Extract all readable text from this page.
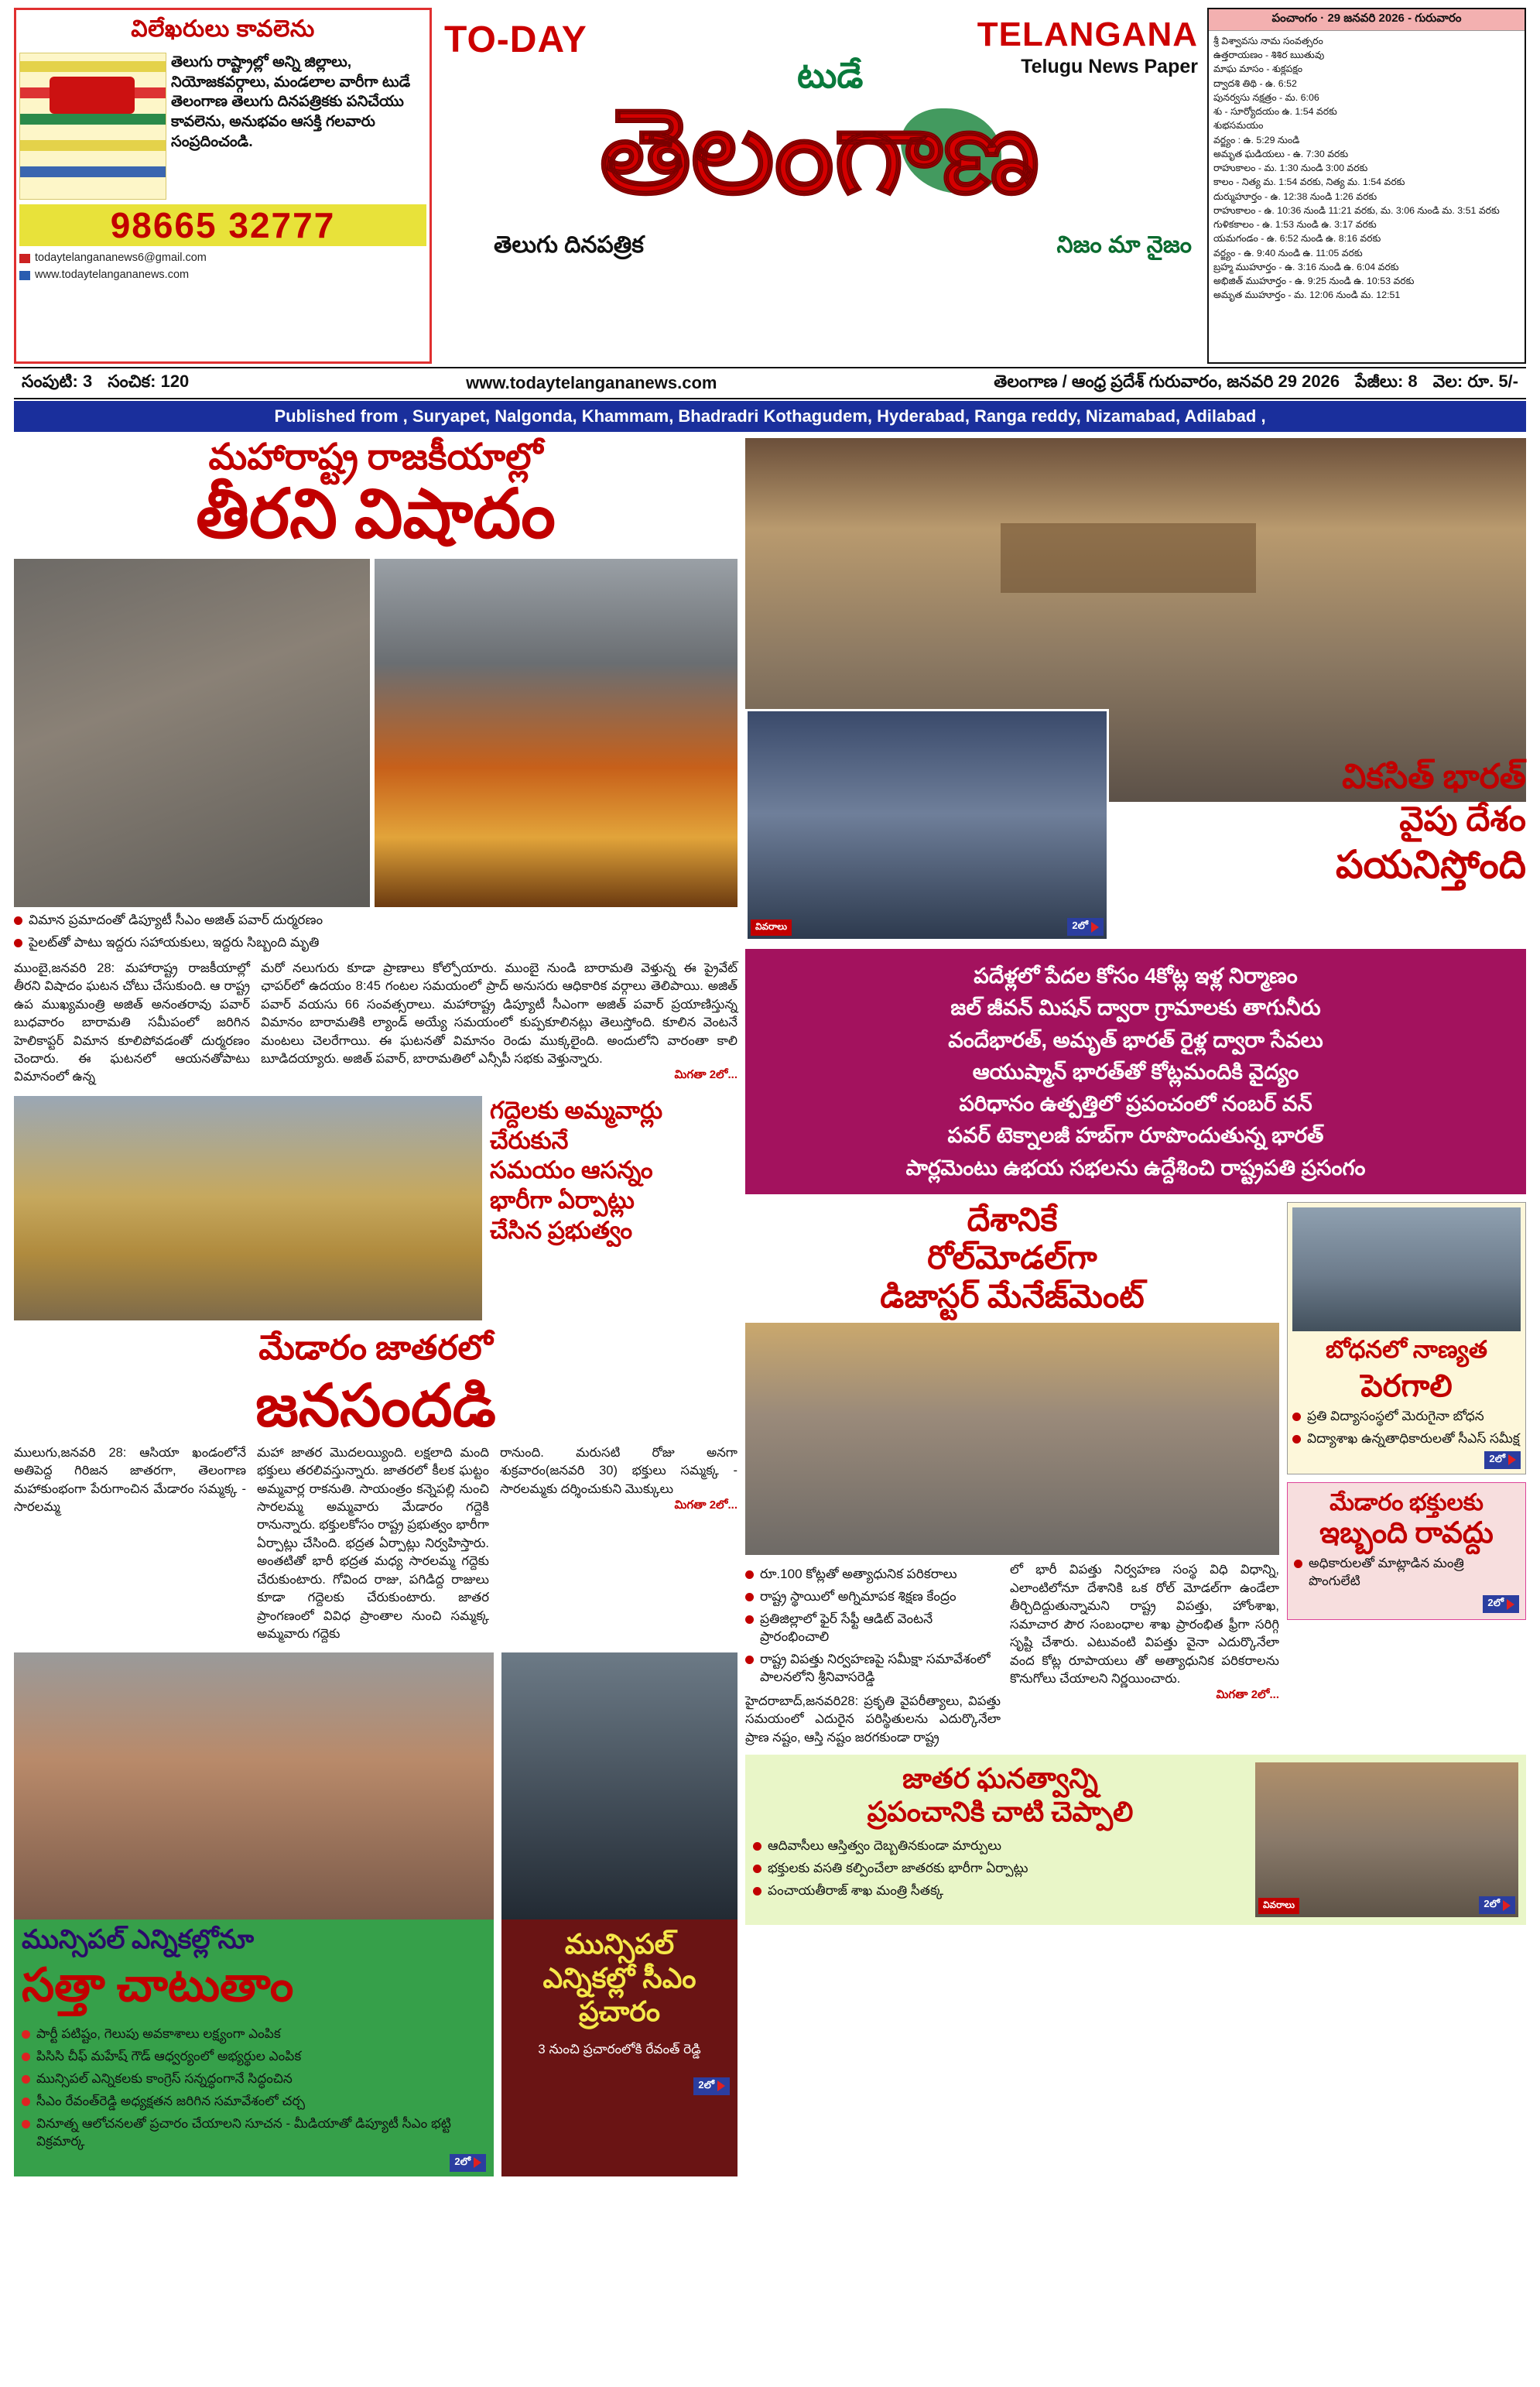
విలేఖరులు కావలెను
తెలుగు రాష్ట్రాల్లో అన్ని జిల్లాలు, నియోజకవర్గాలు, మండలాల వారీగా టుడే తెలంగాణ తెలుగు దినపత్రికకు పనిచేయు కావలెను, అనుభవం ఆసక్తి గలవారు సంప్రదించండి.
98665 32777
todaytelangananews6@gmail.com
www.todaytelangananews.com
TO-DAY	TELANGANA
Telugu News Paper
టుడే
తెలంగాణ
తెలుగు దినపత్రిక	నిజం మా నైజం
పంచాంగం · 29 జనవరి 2026 - గురువారం
శ్రీ విశ్వావసు నామ సంవత్సరం
ఉత్తరాయణం - శిశిర ఋతువు
మాఘ మాసం - శుక్లపక్షం
ద్వాదశి తిథి - ఉ. 6:52
పునర్వసు నక్షత్రం - మ. 6:06
శు - సూర్యోదయం ఉ. 1:54 వరకు
శుభసమయం
వర్జ్యం : ఉ. 5:29 నుండి
అమృత ఘడియలు - ఉ. 7:30 వరకు
రాహుకాలం - మ. 1:30 నుండి 3:00 వరకు
కాలం - నిత్య మ. 1:54 వరకు, నిత్య మ. 1:54 వరకు
దుర్ముహూర్తం - ఉ. 12:38 నుండి 1:26 వరకు
రాహుకాలం - ఉ. 10:36 నుండి 11:21 వరకు, మ. 3:06 నుండి మ. 3:51 వరకు
గుళికకాలం - ఉ. 1:53 నుండి ఉ. 3:17 వరకు
యమగండం - ఉ. 6:52 నుండి ఉ. 8:16 వరకు
వర్జ్యం - ఉ. 9:40 నుండి ఉ. 11:05 వరకు
బ్రహ్మ ముహూర్తం - ఉ. 3:16 నుండి ఉ. 6:04 వరకు
అభిజిత్ ముహూర్తం - ఉ. 9:25 నుండి ఉ. 10:53 వరకు
అమృత ముహూర్తం - మ. 12:06 నుండి మ. 12:51
సంపుటి: 3 సంచిక: 120	www.todaytelangananews.com	తెలంగాణ / ఆంధ్ర ప్రదేశ్ గురువారం, జనవరి 29 2026 పేజీలు: 8 వెల: రూ. 5/-
Published from , Suryapet, Nalgonda, Khammam, Bhadradri Kothagudem, Hyderabad, Ranga reddy, Nizamabad, Adilabad ,
మహారాష్ట్ర రాజకీయాల్లో
తీరని విషాదం
విమాన ప్రమాదంతో డిప్యూటీ సీఎం అజిత్ పవార్ దుర్మరణం
పైలట్‌తో పాటు ఇద్దరు సహాయకులు, ఇద్దరు సిబ్బంది మృతి
ముంబై,జనవరి 28: మహారాష్ట్ర రాజకీయాల్లో తీరని విషాదం ఘటన చోటు చేసుకుంది. ఆ రాష్ట్ర ఉప ముఖ్యమంత్రి అజిత్ అనంతరావు పవార్ బుధవారం బారామతి సమీపంలో జరిగిన హెలికాప్టర్ విమాన కూలిపోవడంతో దుర్మరణం చెందారు. ఈ ఘటనలో ఆయనతోపాటు విమానంలో ఉన్న
మరో నలుగురు కూడా ప్రాణాలు కోల్పోయారు. ముంబై నుండి బారామతి వెళ్తున్న ఈ ప్రైవేట్ ఛాపర్‌లో ఉదయం 8:45 గంటల సమయంలో ప్రాద్ అనుసరు ఆధికారిక వర్గాలు తెలిపాయి. అజిత్ పవార్ వయసు 66 సంవత్సరాలు. మహారాష్ట్ర డిప్యూటీ సీఎంగా అజిత్ పవార్ ప్రయాణిస్తున్న విమానం బారామతికి ల్యాండ్ అయ్యే సమయంలో కుప్పకూలినట్లు తెలుస్తోంది. కూలిన వెంటనే మంటలు చెలరేగాయి. ఈ ఘటనతో విమానం రెండు ముక్కలైంది. అందులోని వారంతా కాలి బూడిదయ్యారు. అజిత్ పవార్, బారామతిలో ఎన్సీపీ సభకు వెళ్తున్నారు.
మిగతా 2లో...
గద్దెలకు అమ్మవార్లు
చేరుకునే
సమయం ఆసన్నం
భారీగా ఏర్పాట్లు
చేసిన ప్రభుత్వం
మేడారం జాతరలో
జనసందడి
ములుగు,జనవరి 28: ఆసియా ఖండంలోనే అతిపెద్ద గిరిజన జాతరగా, తెలంగాణ మహాకుంభంగా పేరుగాంచిన మేడారం సమ్మక్క - సారలమ్మ
మహా జాతర మొదలయ్యింది. లక్షలాది మంది భక్తులు తరలివస్తున్నారు. జాతరలో కీలక ఘట్టం అమ్మవార్ల రాకనుతి. సాయంత్రం కన్నెపల్లి నుంచి సారలమ్మ అమ్మవారు మేడారం గద్దెకి రానున్నారు. భక్తులకోసం రాష్ట్ర ప్రభుత్వం భారీగా ఏర్పాట్లు చేసింది. భద్రత ఏర్పాట్లు నిర్వహిస్తారు. అంతటితో భారీ భద్రత మధ్య సారలమ్మ గద్దెకు చేరుకుంటారు. గోవింద రాజు, పగిడిద్ద రాజులు కూడా గద్దెలకు చేరుకుంటారు. జాతర ప్రాంగణంలో వివిధ ప్రాంతాల నుంచి సమ్మక్క అమ్మవారు గద్దెకు
రానుంది. మరుసటి రోజు అనగా శుక్రవారం(జనవరి 30) భక్తులు సమ్మక్క - సారలమ్మకు దర్శించుకుని మొక్కులు
మిగతా 2లో...
మున్సిపల్ ఎన్నికల్లోనూ
సత్తా చాటుతాం
పార్టీ పటిష్టం, గెలుపు అవకాశాలు లక్ష్యంగా ఎంపిక
పిసిసి చీఫ్ మహేష్ గౌడ్ ఆధ్వర్యంలో అభ్యర్థుల ఎంపిక
మున్సిపల్ ఎన్నికలకు కాంగ్రెస్ సన్నద్ధంగానే సిద్ధంచిన
సీఎం రేవంత్‌రెడ్డి అధ్యక్షతన జరిగిన సమావేశంలో చర్చ
వినూత్న ఆలోచనలతో ప్రచారం చేయాలని సూచన - మీడియాతో డిప్యూటీ సీఎం భట్టి విక్రమార్క
2లో
మున్సిపల్
ఎన్నికల్లో సీఎం
ప్రచారం
3 నుంచి ప్రచారంలోకి రేవంత్ రెడ్డి
2లో
వివరాలు	2లో
వికసిత్ భారత్
వైపు దేశం
పయనిస్తోంది
పదేళ్లలో పేదల కోసం 4కోట్ల ఇళ్ల నిర్మాణం
జల్ జీవన్ మిషన్ ద్వారా గ్రామాలకు తాగునీరు
వందేభారత్, అమృత్ భారత్ రైళ్ల ద్వారా సేవలు
ఆయుష్మాన్ భారత్‌తో కోట్లమందికి వైద్యం
పరిధానం ఉత్పత్తిలో ప్రపంచంలో నంబర్ వన్
పవర్ టెక్నాలజీ హబ్‌గా రూపొందుతున్న భారత్
పార్లమెంటు ఉభయ సభలను ఉద్దేశించి రాష్ట్రపతి ప్రసంగం
దేశానికే
రోల్‌మోడల్‌గా
డిజాస్టర్ మేనేజ్‌మెంట్
రూ.100 కోట్లతో అత్యాధునిక పరికరాలు
రాష్ట్ర స్థాయిలో అగ్నిమాపక శిక్షణ కేంద్రం
ప్రతిజిల్లాలో ఫైర్ సేఫ్టీ ఆడిట్ వెంటనే ప్రారంభించాలి
రాష్ట్ర విపత్తు నిర్వహణపై సమీక్షా సమావేశంలో పాలనలోని శ్రీనివాసరెడ్డి
హైదరాబాద్,జనవరి28: ప్రకృతి వైపరీత్యాలు, విపత్తు సమయంలో ఎదురైన పరిస్థితులను ఎదుర్కొనేలా ప్రాణ నష్టం, ఆస్తి నష్టం జరగకుండా రాష్ట్ర
లో భారీ విపత్తు నిర్వహణ సంస్థ విధి విధాన్ని, ఎలాంటిలోనూ దేశానికి ఒక రోల్ మోడల్‌గా ఉండేలా తీర్చిదిద్దుతున్నామని రాష్ట్ర విపత్తు, హోంశాఖ, సమాచార పౌర సంబంధాల శాఖ ప్రారంభిత ఫ్రీగా సరిగ్గి సృష్టి చేశారు. ఎటువంటి విపత్తు వైనా ఎదుర్కొనేలా వంద కోట్ల రూపాయలు తో అత్యాధునిక పరికరాలను కొనుగోలు చేయాలని నిర్ణయించారు.
మిగతా 2లో...
బోధనలో నాణ్యత
పెరగాలి
ప్రతి విద్యాసంస్థలో మెరుగైనా బోధన
విద్యాశాఖ ఉన్నతాధికారులతో సీఎస్ సమీక్ష
2లో
మేడారం భక్తులకు
ఇబ్బంది రావద్దు
అధికారులతో మాట్లాడిన మంత్రి పొంగులేటి
2లో
జాతర ఘనత్వాన్ని
ప్రపంచానికి చాటి చెప్పాలి
ఆదివాసీలు ఆస్తిత్వం దెబ్బతినకుండా మార్పులు
భక్తులకు వసతి కల్పించేలా జాతరకు భారీగా ఏర్పాట్లు
పంచాయతీరాజ్ శాఖ మంత్రి సీతక్క
వివరాలు	2లో
